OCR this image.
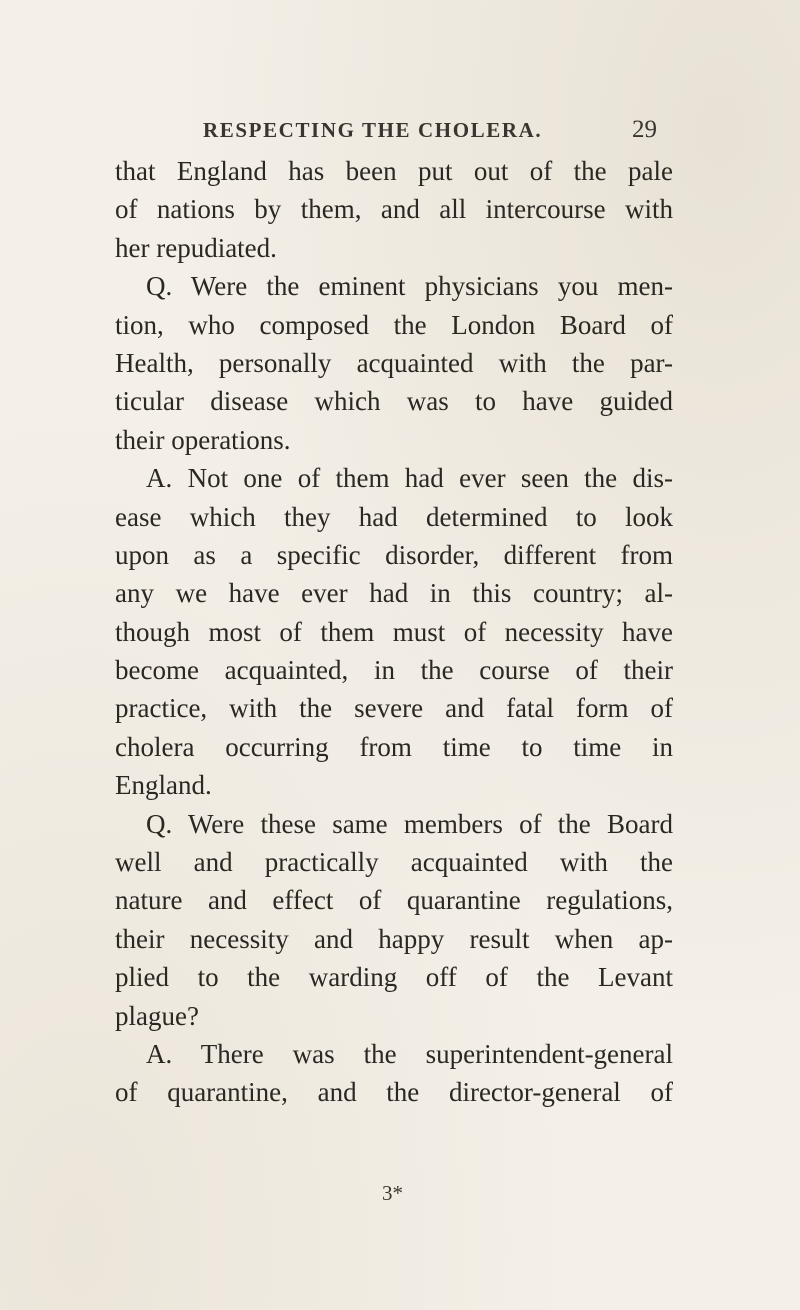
RESPECTING THE CHOLERA.	29
that England has been put out of the pale
of nations by them, and all intercourse with
her repudiated.
Q. Were the eminent physicians you men-
tion, who composed the London Board of
Health, personally acquainted with the par-
ticular disease which was to have guided
their operations.
A. Not one of them had ever seen the dis-
ease which they had determined to look
upon as a specific disorder, different from
any we have ever had in this country; al-
though most of them must of necessity have
become acquainted, in the course of their
practice, with the severe and fatal form of
cholera occurring from time to time in
England.
Q. Were these same members of the Board
well and practically acquainted with the
nature and effect of quarantine regulations,
their necessity and happy result when ap-
plied to the warding off of the Levant
plague?
A. There was the superintendent-general
of quarantine, and the director-general of
3*
